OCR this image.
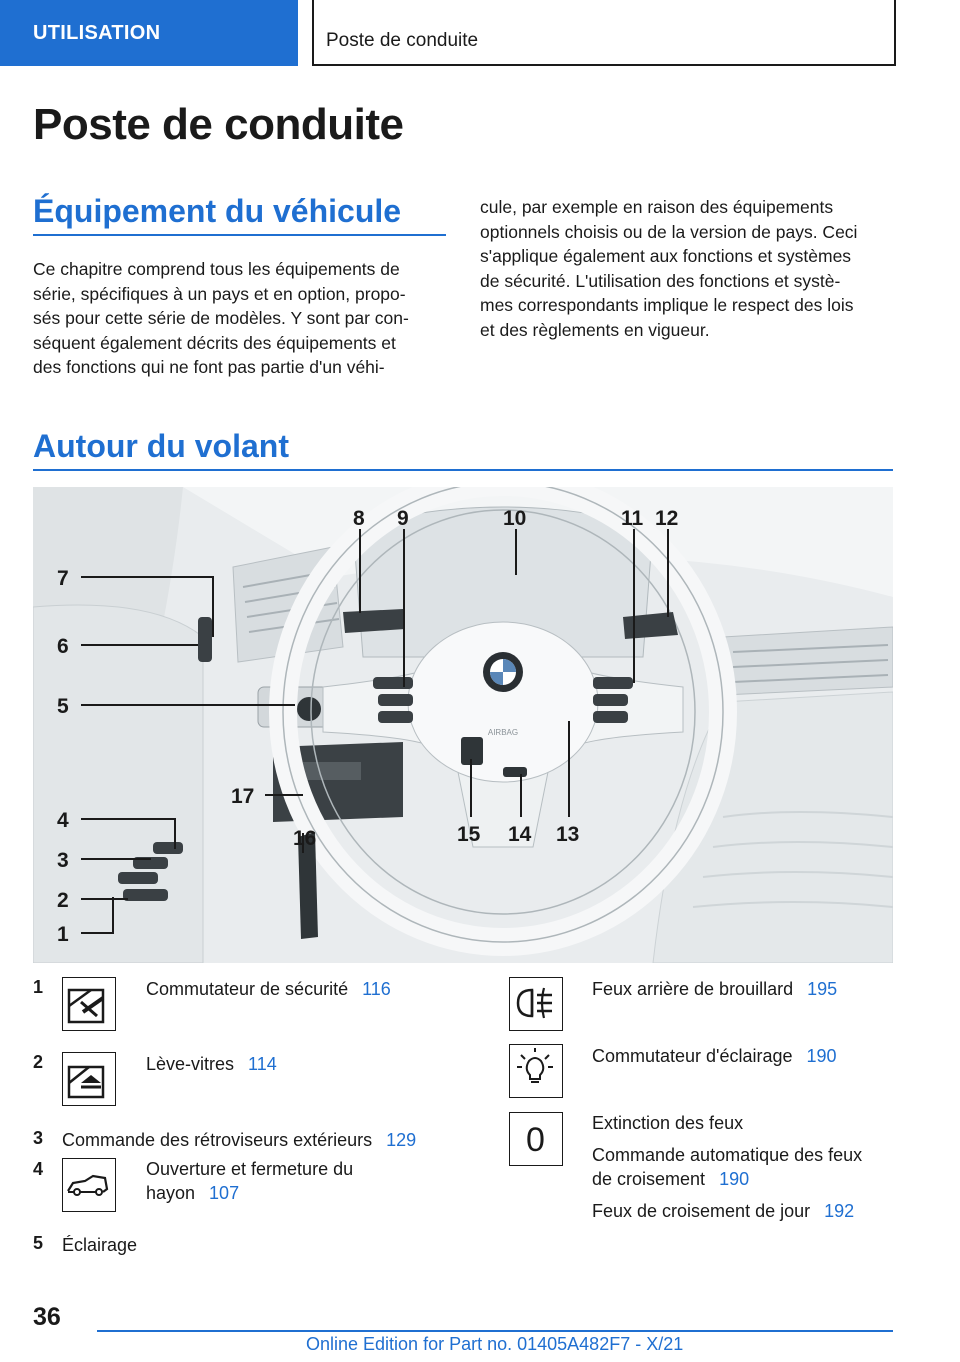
UTILISATION	Poste de conduite
Poste de conduite
Équipement du véhicule
Ce chapitre comprend tous les équipements de
série, spécifiques à un pays et en option, propo-
sés pour cette série de modèles. Y sont par con-
séquent également décrits des équipements et
des fonctions qui ne font pas partie d'un véhi-
cule, par exemple en raison des équipements
optionnels choisis ou de la version de pays. Ceci
s'applique également aux fonctions et systèmes
de sécurité. L'utilisation des fonctions et systè-
mes correspondants implique le respect des lois
et des règlements en vigueur.
Autour du volant
AIRBAG
1
2
3
4
5
6
7
8 9	10	11 12
13
14
15
16
17
1	Commutateur de sécurité 116
2	Lève-vitres 114
3 Commande des rétroviseurs extérieurs 129
4	Ouverture et fermeture du
hayon 107
5 Éclairage
Feux arrière de brouillard 195
Commutateur d'éclairage 190
0	Extinction des feux
Commande automatique des feux
de croisement 190
Feux de croisement de jour 192
36
Online Edition for Part no. 01405A482F7 - X/21
